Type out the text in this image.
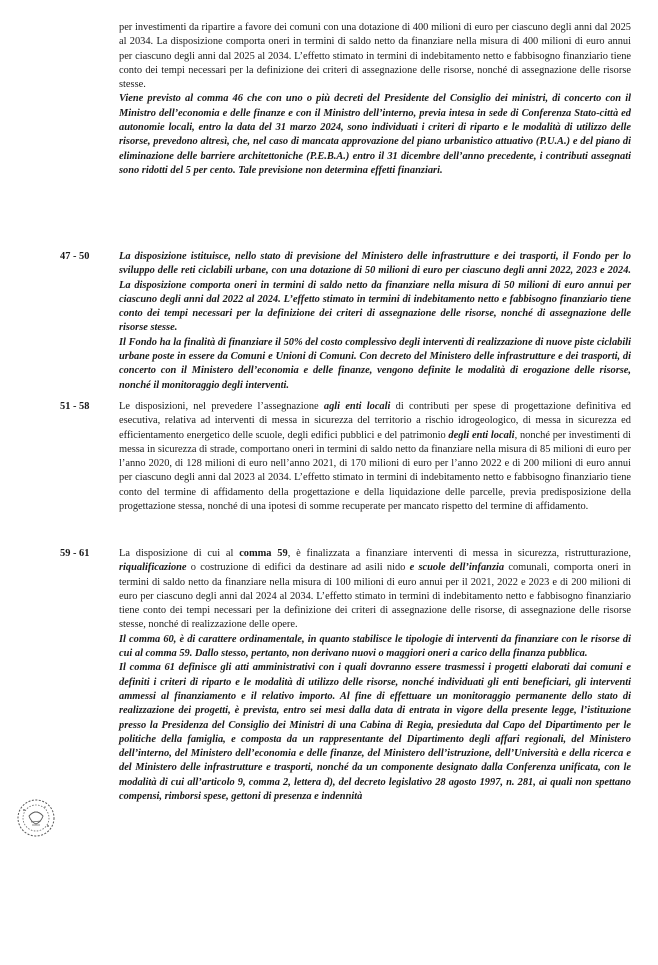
per investimenti da ripartire a favore dei comuni con una dotazione di 400 milioni di euro per ciascuno degli anni dal 2025 al 2034. La disposizione comporta oneri in termini di saldo netto da finanziare nella misura di 400 milioni di euro annui per ciascuno degli anni dal 2025 al 2034. L’effetto stimato in termini di indebitamento netto e fabbisogno finanziario tiene conto dei tempi necessari per la definizione dei criteri di assegnazione delle risorse, nonché di assegnazione delle risorse stesse.

Viene previsto al comma 46 che con uno o più decreti del Presidente del Consiglio dei ministri, di concerto con il Ministro dell’economia e delle finanze e con il Ministro dell’interno, previa intesa in sede di Conferenza Stato-città ed autonomie locali, entro la data del 31 marzo 2024, sono individuati i criteri di riparto e le modalità di utilizzo delle risorse, prevedono altresì, che, nel caso di mancata approvazione del piano urbanistico attuativo (P.U.A.) e del piano di eliminazione delle barriere architettoniche (P.E.B.A.) entro il 31 dicembre dell’anno precedente, i contributi assegnati sono ridotti del 5 per cento. Tale previsione non determina effetti finanziari.

47 - 50	La disposizione istituisce, nello stato di previsione del Ministero delle infrastrutture e dei trasporti, il Fondo per lo sviluppo delle reti ciclabili urbane, con una dotazione di 50 milioni di euro per ciascuno degli anni 2022, 2023 e 2024. La disposizione comporta oneri in termini di saldo netto da finanziare nella misura di 50 milioni di euro annui per ciascuno degli anni dal 2022 al 2024. L’effetto stimato in termini di indebitamento netto e fabbisogno finanziario tiene conto dei tempi necessari per la definizione dei criteri di assegnazione delle risorse, nonché di assegnazione delle risorse stesse.

Il Fondo ha la finalità di finanziare il 50% del costo complessivo degli interventi di realizzazione di nuove piste ciclabili urbane poste in essere da Comuni e Unioni di Comuni. Con decreto del Ministero delle infrastrutture e dei trasporti, di concerto con il Ministero dell’economia e delle finanze, vengono definite le modalità di erogazione delle risorse, nonché il monitoraggio degli interventi.

51 - 58	Le disposizioni, nel prevedere l’assegnazione agli enti locali di contributi per spese di progettazione definitiva ed esecutiva, relativa ad interventi di messa in sicurezza del territorio a rischio idrogeologico, di messa in sicurezza ed efficientamento energetico delle scuole, degli edifici pubblici e del patrimonio degli enti locali, nonché per investimenti di messa in sicurezza di strade, comportano oneri in termini di saldo netto da finanziare nella misura di 85 milioni di euro per l’anno 2020, di 128 milioni di euro nell’anno 2021, di 170 milioni di euro per l’anno 2022 e di 200 milioni di euro annui per ciascuno degli anni dal 2023 al 2034. L’effetto stimato in termini di indebitamento netto e fabbisogno finanziario tiene conto del termine di affidamento della progettazione e della liquidazione delle parcelle, previa predisposizione della progettazione stessa, nonché di una ipotesi di somme recuperate per mancato rispetto del termine di affidamento.

59 - 61	La disposizione di cui al comma 59, è finalizzata a finanziare interventi di messa in sicurezza, ristrutturazione, riqualificazione o costruzione di edifici da destinare ad asili nido e scuole dell’infanzia comunali, comporta oneri in termini di saldo netto da finanziare nella misura di 100 milioni di euro annui per il 2021, 2022 e 2023 e di 200 milioni di euro per ciascuno degli anni dal 2024 al 2034. L’effetto stimato in termini di indebitamento netto e fabbisogno finanziario tiene conto dei tempi necessari per la definizione dei criteri di assegnazione delle risorse, di assegnazione delle risorse stesse, nonché di realizzazione delle opere.

Il comma 60, è di carattere ordinamentale, in quanto stabilisce le tipologie di interventi da finanziare con le risorse di cui al comma 59. Dallo stesso, pertanto, non derivano nuovi o maggiori oneri a carico della finanza pubblica.

Il comma 61 definisce gli atti amministrativi con i quali dovranno essere trasmessi i progetti elaborati dai comuni e definiti i criteri di riparto e le modalità di utilizzo delle risorse, nonché individuati gli enti beneficiari, gli interventi ammessi al finanziamento e il relativo importo. Al fine di effettuare un monitoraggio permanente dello stato di realizzazione dei progetti, è prevista, entro sei mesi dalla data di entrata in vigore della presente legge, l’istituzione presso la Presidenza del Consiglio dei Ministri di una Cabina di Regia, presieduta dal Capo del Dipartimento per le politiche della famiglia, e composta da un rappresentante del Dipartimento degli affari regionali, del Ministero dell’interno, del Ministero dell’economia e delle finanze, del Ministero dell’istruzione, dell’Università e della ricerca e del Ministero delle infrastrutture e trasporti, nonché da un componente designato dalla Conferenza unificata, con le modalità di cui all’articolo 9, comma 2, lettera d), del decreto legislativo 28 agosto 1997, n. 281, ai quali non spettano compensi, rimborsi spese, gettoni di presenza e indennità
